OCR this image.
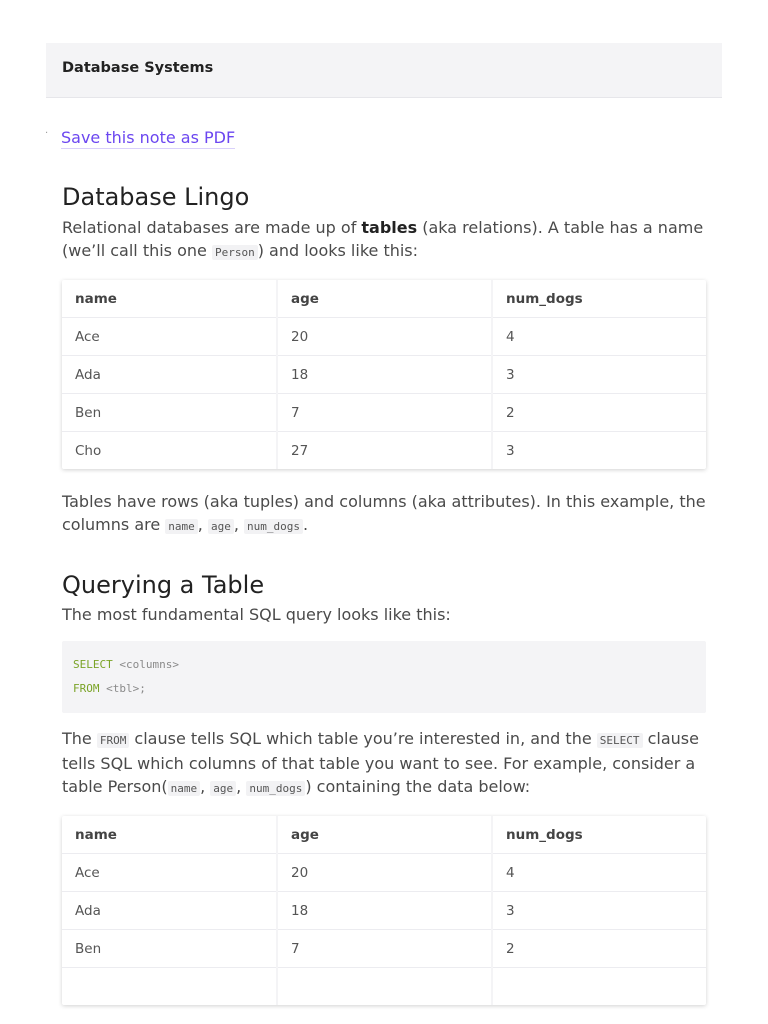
Database Systems
· Save this note as PDF
Database Lingo

Relational databases are made up of tables (aka relations). A table has a name (we’ll call this one Person ) and looks like this:

name	age	num_dogs
Ace	20	4
Ada	18	3
Ben	7	2
Cho	27	3

Tables have rows (aka tuples) and columns (aka attributes). In this example, the columns are name , age , num_dogs .

Querying a Table

The most fundamental SQL query looks like this:

SELECT <columns>
FROM <tbl>;

The FROM clause tells SQL which table you’re interested in, and the SELECT clause tells SQL which columns of that table you want to see. For example, consider a table Person( name , age , num_dogs ) containing the data below:

name	age	num_dogs
Ace	20	4
Ada	18	3
Ben	7	2
